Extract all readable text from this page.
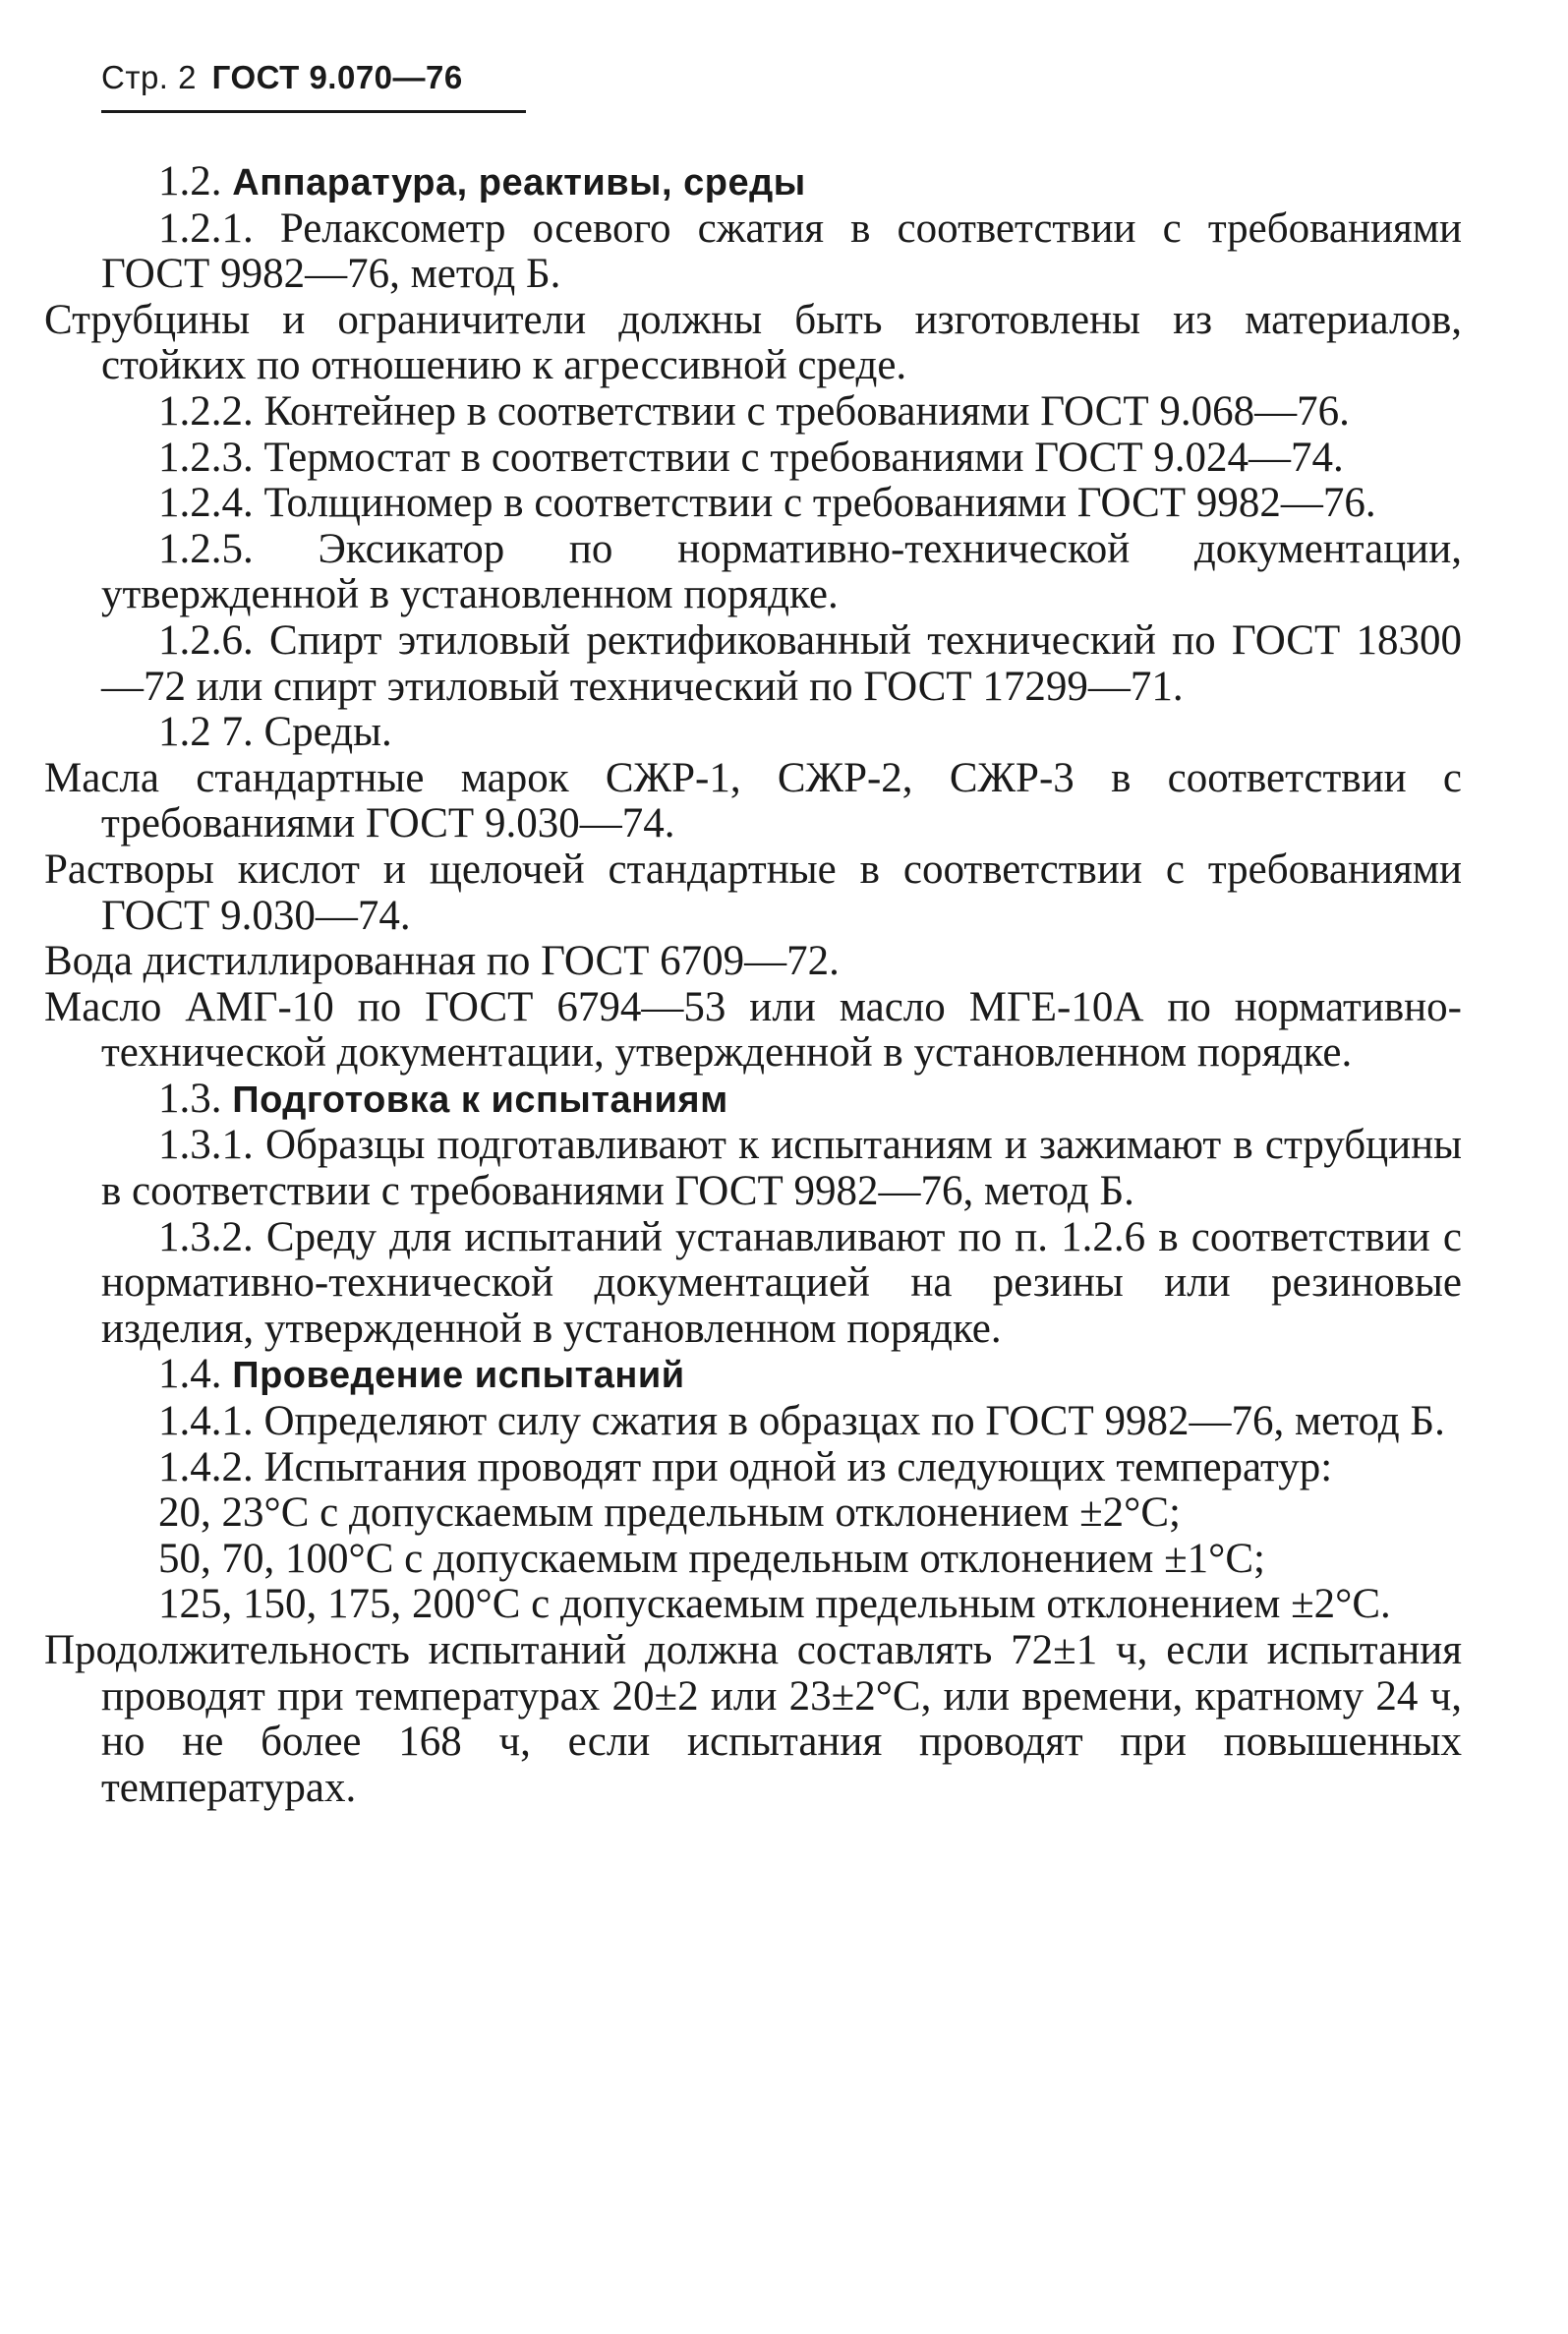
Стр. 2 ГОСТ 9.070—76

1.2. Аппаратура, реактивы, среды

1.2.1. Релаксометр осевого сжатия в соответствии с требованиями ГОСТ 9982—76, метод Б.

Струбцины и ограничители должны быть изготовлены из материалов, стойких по отношению к агрессивной среде.

1.2.2. Контейнер в соответствии с требованиями ГОСТ 9.068—76.

1.2.3. Термостат в соответствии с требованиями ГОСТ 9.024—74.

1.2.4. Толщиномер в соответствии с требованиями ГОСТ 9982—76.

1.2.5. Эксикатор по нормативно-технической документации, утвержденной в установленном порядке.

1.2.6. Спирт этиловый ректификованный технический по ГОСТ 18300—72 или спирт этиловый технический по ГОСТ 17299—71.

1.2 7. Среды.

Масла стандартные марок СЖР-1, СЖР-2, СЖР-3 в соответствии с требованиями ГОСТ 9.030—74.

Растворы кислот и щелочей стандартные в соответствии с требованиями ГОСТ 9.030—74.

Вода дистиллированная по ГОСТ 6709—72.

Масло АМГ-10 по ГОСТ 6794—53 или масло МГЕ-10А по нормативно-технической документации, утвержденной в установленном порядке.

1.3. Подготовка к испытаниям

1.3.1. Образцы подготавливают к испытаниям и зажимают в струбцины в соответствии с требованиями ГОСТ 9982—76, метод Б.

1.3.2. Среду для испытаний устанавливают по п. 1.2.6 в соответствии с нормативно-технической документацией на резины или резиновые изделия, утвержденной в установленном порядке.

1.4. Проведение испытаний

1.4.1. Определяют силу сжатия в образцах по ГОСТ 9982—76, метод Б.

1.4.2. Испытания проводят при одной из следующих температур:

20, 23°С с допускаемым предельным отклонением ±2°С;

50, 70, 100°С с допускаемым предельным отклонением ±1°С;

125, 150, 175, 200°С с допускаемым предельным отклонением ±2°С.

Продолжительность испытаний должна составлять 72±1 ч, если испытания проводят при температурах 20±2 или 23±2°С, или времени, кратному 24 ч, но не более 168 ч, если испытания проводят при повышенных температурах.
